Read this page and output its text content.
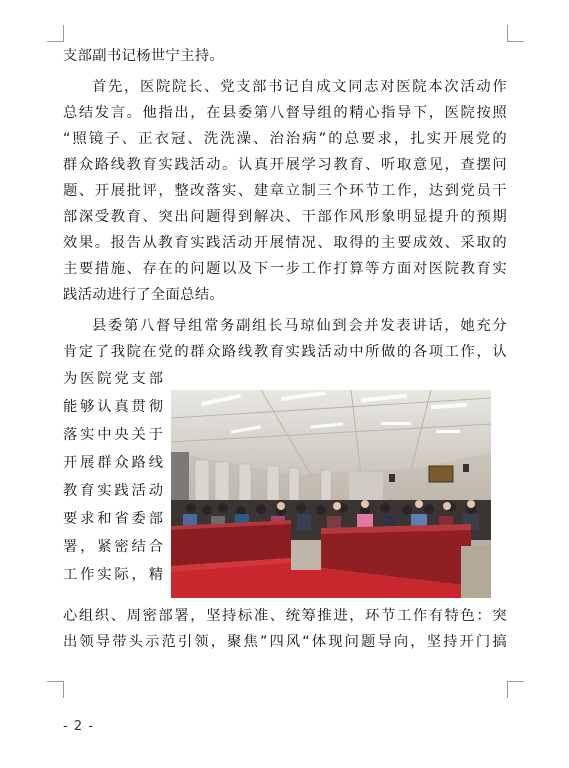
支部副书记杨世宁主持。
首先，医院院长、党支部书记自成文同志对医院本次活动作
总结发言。他指出，在县委第八督导组的精心指导下，医院按照
“照镜子、正衣冠、洗洗澡、治治病”的总要求，扎实开展党的
群众路线教育实践活动。认真开展学习教育、听取意见，查摆问
题、开展批评，整改落实、建章立制三个环节工作，达到党员干
部深受教育、突出问题得到解决、干部作风形象明显提升的预期
效果。报告从教育实践活动开展情况、取得的主要成效、采取的
主要措施、存在的问题以及下一步工作打算等方面对医院教育实
践活动进行了全面总结。
县委第八督导组常务副组长马琼仙到会并发表讲话，她充分
肯定了我院在党的群众路线教育实践活动中所做的各项工作，认
为医院党支部
能够认真贯彻
落实中央关于
开展群众路线
教育实践活动
要求和省委部
署，紧密结合
工作实际，精
心组织、周密部署，坚持标准、统筹推进，环节工作有特色：突
出领导带头示范引领，聚焦”四风“体现问题导向，坚持开门搞
- 2 -
